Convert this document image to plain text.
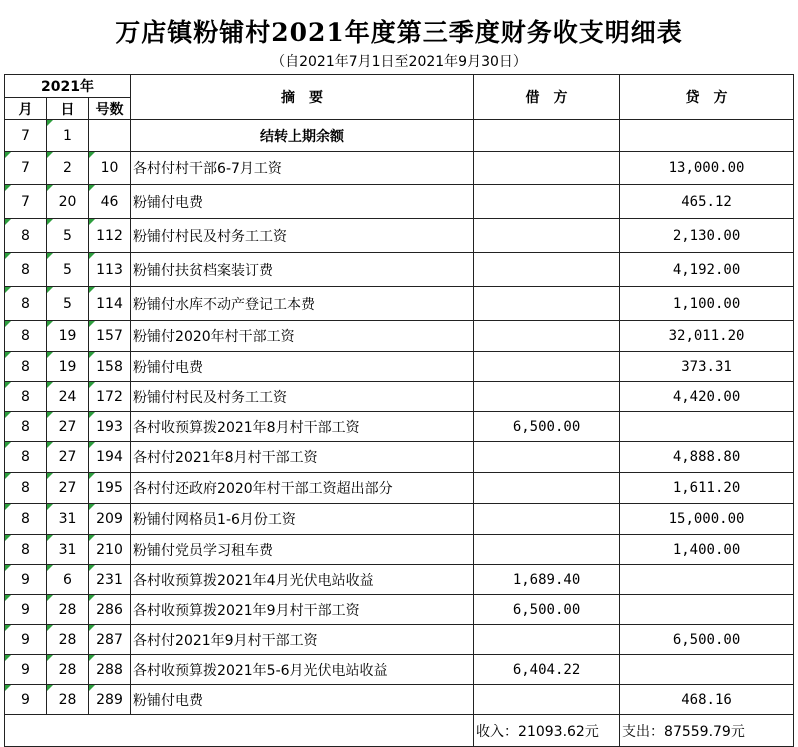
万店镇粉铺村2021年度第三季度财务收支明细表
（自2021年7月1日至2021年9月30日）
2021年			摘　要	借　方	贷　方
月	日	号数			
7	1		结转上期余额		
7	2	10	各村付村干部6-7月工资		13,000.00
7	20	46	粉铺付电费		465.12
8	5	112	粉铺付村民及村务工工资		2,130.00
8	5	113	粉铺付扶贫档案装订费		4,192.00
8	5	114	粉铺付水库不动产登记工本费		1,100.00
8	19	157	粉铺付2020年村干部工资		32,011.20
8	19	158	粉铺付电费		373.31
8	24	172	粉铺付村民及村务工工资		4,420.00
8	27	193	各村收预算拨2021年8月村干部工资	6,500.00	
8	27	194	各村付2021年8月村干部工资		4,888.80
8	27	195	各村付还政府2020年村干部工资超出部分		1,611.20
8	31	209	粉铺付网格员1-6月份工资		15,000.00
8	31	210	粉铺付党员学习租车费		1,400.00
9	6	231	各村收预算拨2021年4月光伏电站收益	1,689.40	
9	28	286	各村收预算拨2021年9月村干部工资	6,500.00	
9	28	287	各村付2021年9月村干部工资		6,500.00
9	28	288	各村收预算拨2021年5-6月光伏电站收益	6,404.22	
9	28	289	粉铺付电费		468.16
				收入：21093.62元	支出：87559.79元
